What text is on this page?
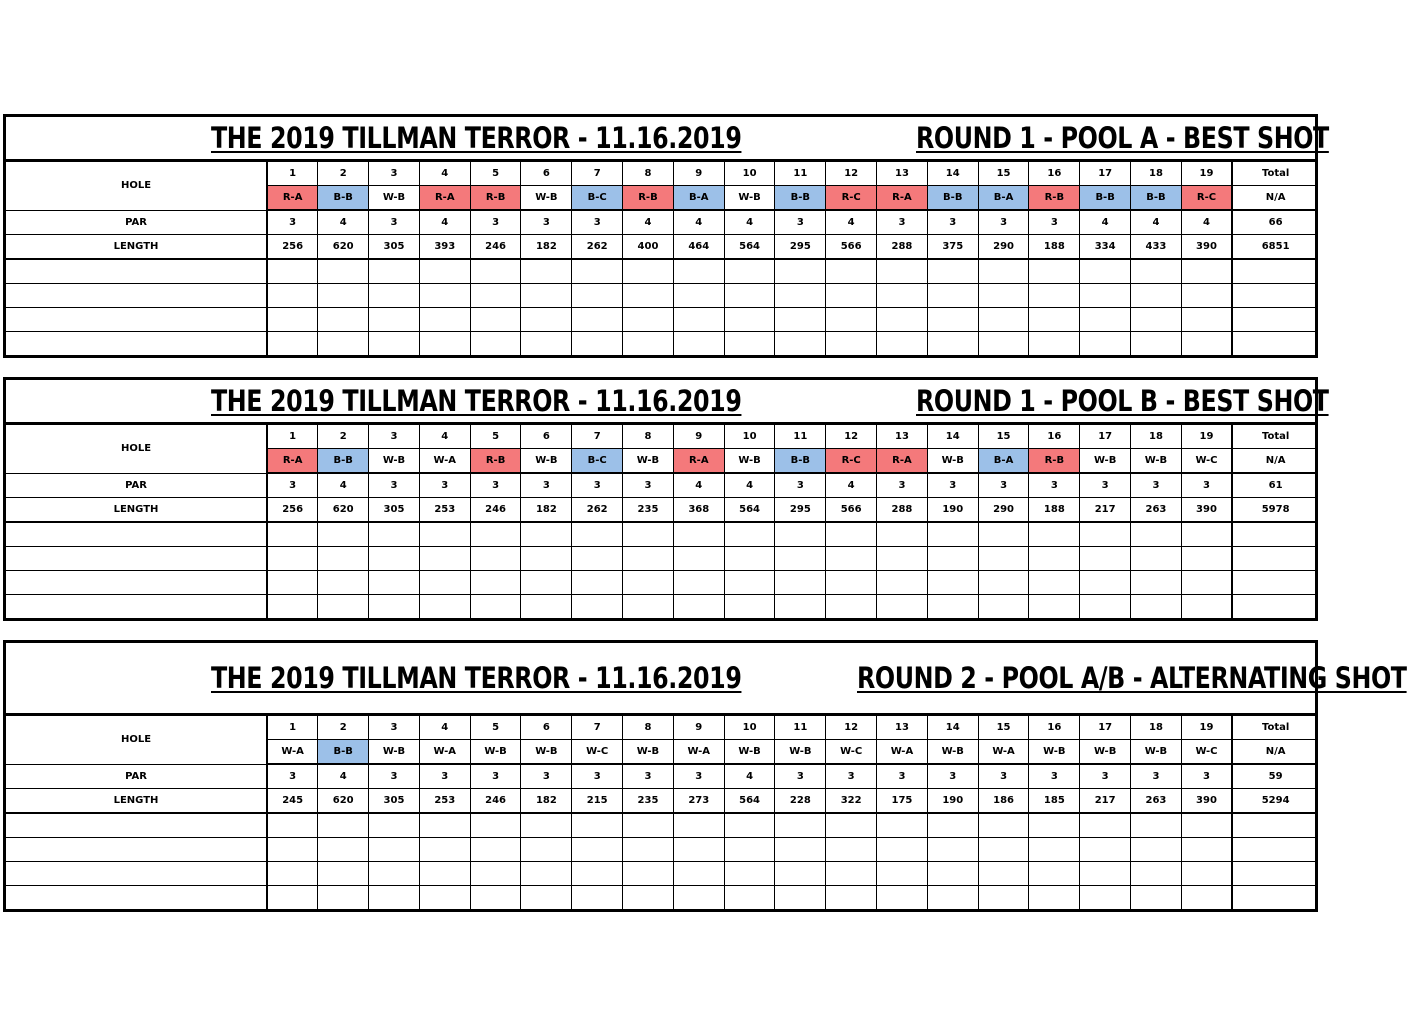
THE 2019 TILLMAN TERROR - 11.16.2019	ROUND 1 - POOL A - BEST SHOT
HOLE	1	2	3	4	5	6	7	8	9	10	11	12	13	14	15	16	17	18	19	Total
	R-A	B-B	W-B	R-A	R-B	W-B	B-C	R-B	B-A	W-B	B-B	R-C	R-A	B-B	B-A	R-B	B-B	B-B	R-C	N/A
PAR	3	4	3	4	3	3	3	4	4	4	3	4	3	3	3	3	4	4	4	66
LENGTH	256	620	305	393	246	182	262	400	464	564	295	566	288	375	290	188	334	433	390	6851

THE 2019 TILLMAN TERROR - 11.16.2019	ROUND 1 - POOL B - BEST SHOT
HOLE	1	2	3	4	5	6	7	8	9	10	11	12	13	14	15	16	17	18	19	Total
	R-A	B-B	W-B	W-A	R-B	W-B	B-C	W-B	R-A	W-B	B-B	R-C	R-A	W-B	B-A	R-B	W-B	W-B	W-C	N/A
PAR	3	4	3	3	3	3	3	3	4	4	3	4	3	3	3	3	3	3	3	61
LENGTH	256	620	305	253	246	182	262	235	368	564	295	566	288	190	290	188	217	263	390	5978

THE 2019 TILLMAN TERROR - 11.16.2019	ROUND 2 - POOL A/B - ALTERNATING SHOT
HOLE	1	2	3	4	5	6	7	8	9	10	11	12	13	14	15	16	17	18	19	Total
	W-A	B-B	W-B	W-A	W-B	W-B	W-C	W-B	W-A	W-B	W-B	W-C	W-A	W-B	W-A	W-B	W-B	W-B	W-C	N/A
PAR	3	4	3	3	3	3	3	3	3	4	3	3	3	3	3	3	3	3	3	59
LENGTH	245	620	305	253	246	182	215	235	273	564	228	322	175	190	186	185	217	263	390	5294
